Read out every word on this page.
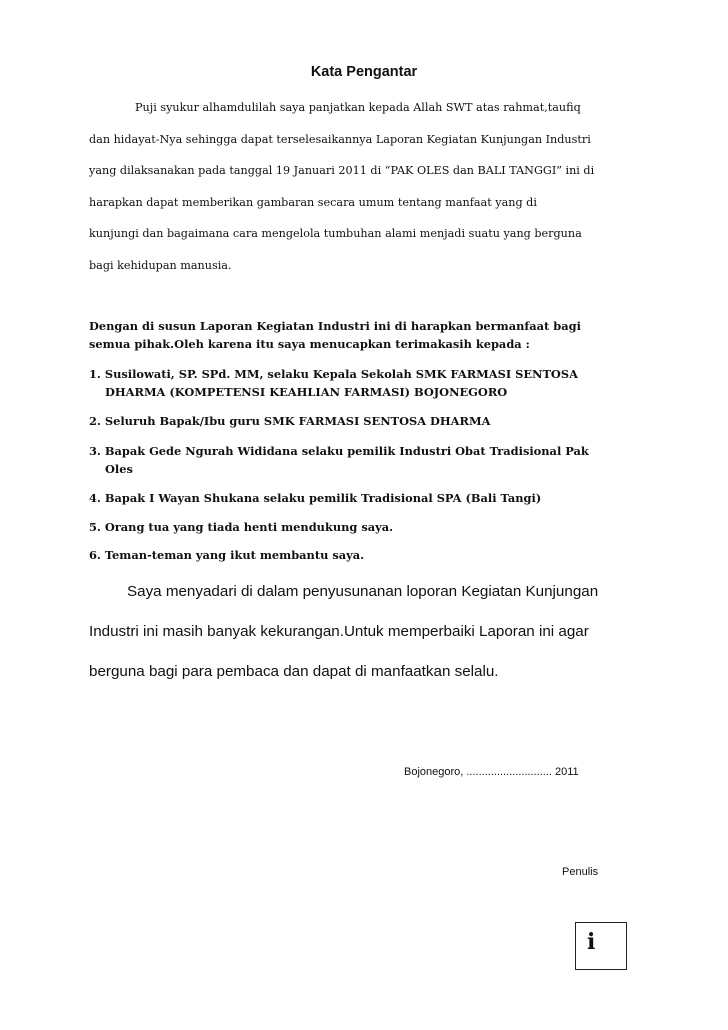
Kata Pengantar

Puji syukur alhamdulilah saya panjatkan kepada Allah SWT atas rahmat,taufiq
dan hidayat-Nya sehingga dapat terselesaikannya Laporan Kegiatan Kunjungan Industri
yang dilaksanakan pada tanggal 19 Januari 2011 di “PAK OLES dan BALI TANGGI” ini di
harapkan dapat memberikan gambaran secara umum tentang manfaat yang di
kunjungi dan bagaimana cara mengelola tumbuhan alami menjadi suatu yang berguna
bagi kehidupan manusia.

Dengan di susun Laporan Kegiatan Industri ini di harapkan bermanfaat bagi
semua pihak.Oleh karena itu saya menucapkan terimakasih kepada :

1. Susilowati, SP. SPd. MM, selaku Kepala Sekolah SMK FARMASI SENTOSA
DHARMA (KOMPETENSI KEAHLIAN FARMASI) BOJONEGORO

2. Seluruh Bapak/Ibu guru SMK FARMASI SENTOSA DHARMA

3. Bapak Gede Ngurah Wididana selaku pemilik Industri Obat Tradisional Pak
Oles

4. Bapak I Wayan Shukana selaku pemilik Tradisional SPA (Bali Tangi)

5. Orang tua yang tiada henti mendukung saya.

6. Teman-teman yang ikut membantu saya.

Saya menyadari di dalam penyusunanan loporan Kegiatan Kunjungan
Industri ini masih banyak kekurangan.Untuk memperbaiki Laporan ini agar
berguna bagi para pembaca dan dapat di manfaatkan selalu.

Bojonegoro, ............................ 2011
Penulis
i
